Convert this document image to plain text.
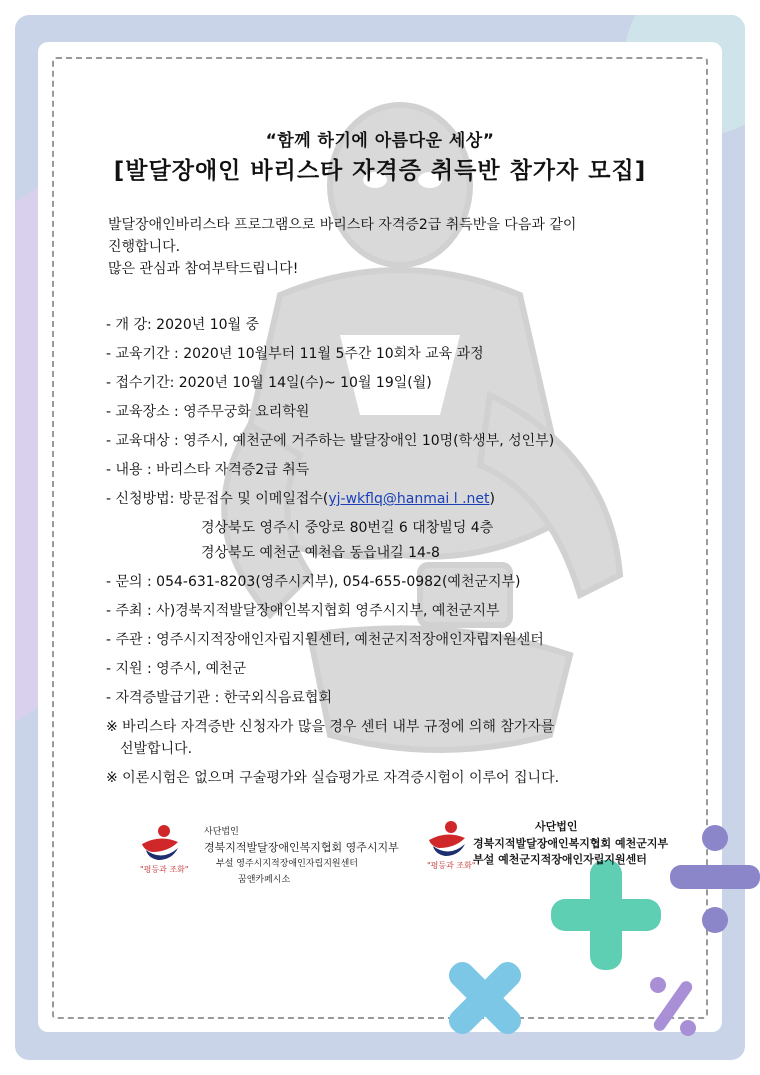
“함께 하기에 아름다운 세상”
[발달장애인 바리스타 자격증 취득반 참가자 모집]
발달장애인바리스타 프로그램으로 바리스타 자격증2급 취득반을 다음과 같이
진행합니다.
많은 관심과 참여부탁드립니다!
- 개 강: 2020년 10월 중
- 교육기간 : 2020년 10월부터 11월 5주간 10회차 교육 과정
- 접수기간: 2020년 10월 14일(수)~ 10월 19일(월)
- 교육장소 : 영주무궁화 요리학원
- 교육대상 : 영주시, 예천군에 거주하는 발달장애인 10명(학생부, 성인부)
- 내용 : 바리스타 자격증2급 취득
- 신청방법: 방문접수 및 이메일접수(yj-wkflq@hanmai l .net)
경상북도 영주시 중앙로 80번길 6 대창빌딩 4층
경상북도 예천군 예천읍 동읍내길 14-8
- 문의 : 054-631-8203(영주시지부), 054-655-0982(예천군지부)
- 주최 : 사)경북지적발달장애인복지협회 영주시지부, 예천군지부
- 주관 : 영주시지적장애인자립지원센터, 예천군지적장애인자립지원센터
- 지원 : 영주시, 예천군
- 자격증발급기관 : 한국외식음료협회
※ 바리스타 자격증반 신청자가 많을 경우 센터 내부 규정에 의해 참가자를
선발합니다.
※ 이론시험은 없으며 구술평가와 실습평가로 자격증시험이 이루어 집니다.
"평등과 조화"
사단법인
경북지적발달장애인복지협회 영주시지부
부설 영주시지적장애인자립지원센터
꿈앤카페시소
"평등과 조화"
사단법인
경북지적발달장애인복지협회 예천군지부
부설 예천군지적장애인자립지원센터
